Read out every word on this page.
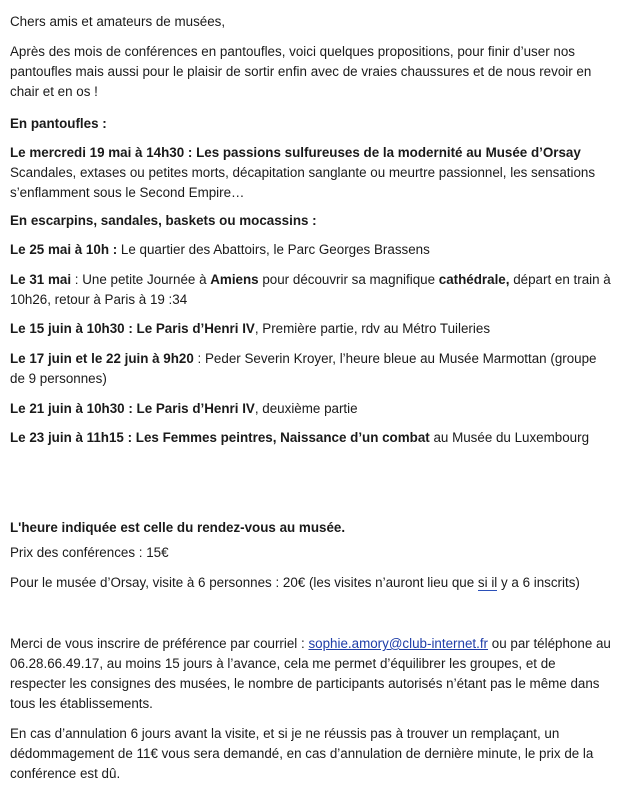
Chers amis et amateurs de musées,

Après des mois de conférences en pantoufles, voici quelques propositions, pour finir d’user nos pantoufles mais aussi pour le plaisir de sortir enfin avec de vraies chaussures et de nous revoir en chair et en os !

En pantoufles :

Le mercredi 19 mai à 14h30 : Les passions sulfureuses de la modernité au Musée d’Orsay
Scandales, extases ou petites morts, décapitation sanglante ou meurtre passionnel, les sensations s’enflamment sous le Second Empire…

En escarpins, sandales, baskets ou mocassins :

Le 25 mai à 10h : Le quartier des Abattoirs, le Parc Georges Brassens

Le 31 mai : Une petite Journée à Amiens pour découvrir sa magnifique cathédrale, départ en train à 10h26, retour à Paris à 19 :34

Le 15 juin à 10h30 : Le Paris d’Henri IV, Première partie, rdv au Métro Tuileries

Le 17 juin et le 22 juin à 9h20 : Peder Severin Kroyer, l’heure bleue au Musée Marmottan (groupe de 9 personnes)

Le 21 juin à 10h30 : Le Paris d’Henri IV, deuxième partie

Le 23 juin à 11h15 : Les Femmes peintres, Naissance d’un combat au Musée du Luxembourg

L'heure indiquée est celle du rendez-vous au musée.

Prix des conférences : 15€

Pour le musée d’Orsay, visite à 6 personnes : 20€ (les visites n’auront lieu que si il y a 6 inscrits)

Merci de vous inscrire de préférence par courriel : sophie.amory@club-internet.fr ou par téléphone au 06.28.66.49.17, au moins 15 jours à l’avance, cela me permet d’équilibrer les groupes, et de respecter les consignes des musées, le nombre de participants autorisés n’étant pas le même dans tous les établissements.

En cas d’annulation 6 jours avant la visite, et si je ne réussis pas à trouver un remplaçant, un dédommagement de 11€ vous sera demandé, en cas d’annulation de dernière minute, le prix de la conférence est dû.
